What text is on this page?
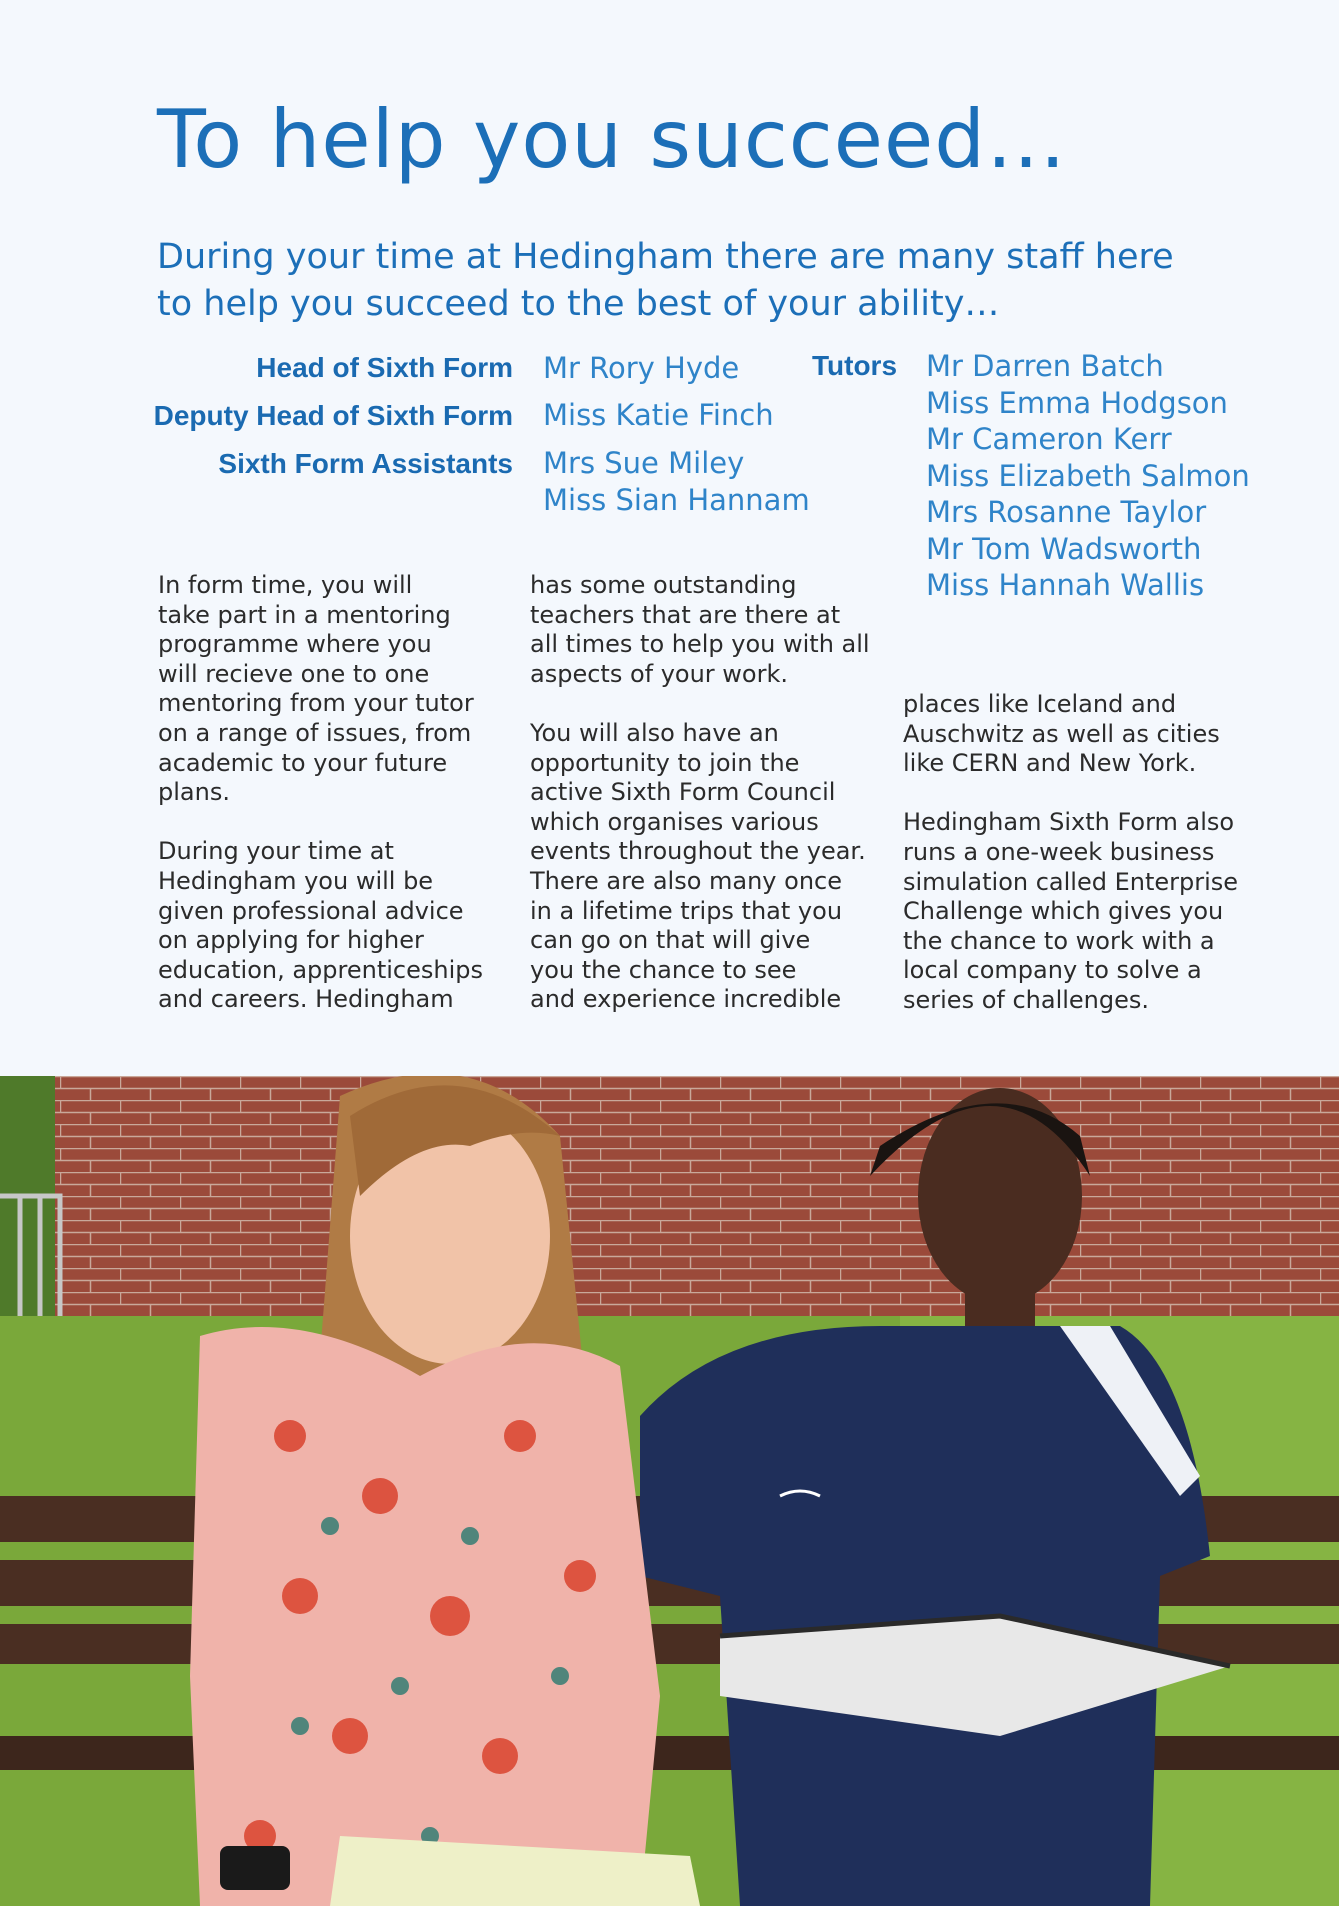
To help you succeed…

During your time at Hedingham there are many staff here
to help you succeed to the best of your ability…

Head of Sixth Form Mr Rory Hyde
Deputy Head of Sixth Form Miss Katie Finch
Sixth Form Assistants Mrs Sue Miley
Miss Sian Hannam
Tutors Mr Darren Batch
Miss Emma Hodgson
Mr Cameron Kerr
Miss Elizabeth Salmon
Mrs Rosanne Taylor
Mr Tom Wadsworth
Miss Hannah Wallis
In form time, you will
take part in a mentoring
programme where you
will recieve one to one
mentoring from your tutor
on a range of issues, from
academic to your future
plans.
During your time at
Hedingham you will be
given professional advice
on applying for higher
education, apprenticeships
and careers. Hedingham
has some outstanding
teachers that are there at
all times to help you with all
aspects of your work.
You will also have an
opportunity to join the
active Sixth Form Council
which organises various
events throughout the year.
There are also many once
in a lifetime trips that you
can go on that will give
you the chance to see
and experience incredible
places like Iceland and
Auschwitz as well as cities
like CERN and New York.
Hedingham Sixth Form also
runs a one-week business
simulation called Enterprise
Challenge which gives you
the chance to work with a
local company to solve a
series of challenges.
